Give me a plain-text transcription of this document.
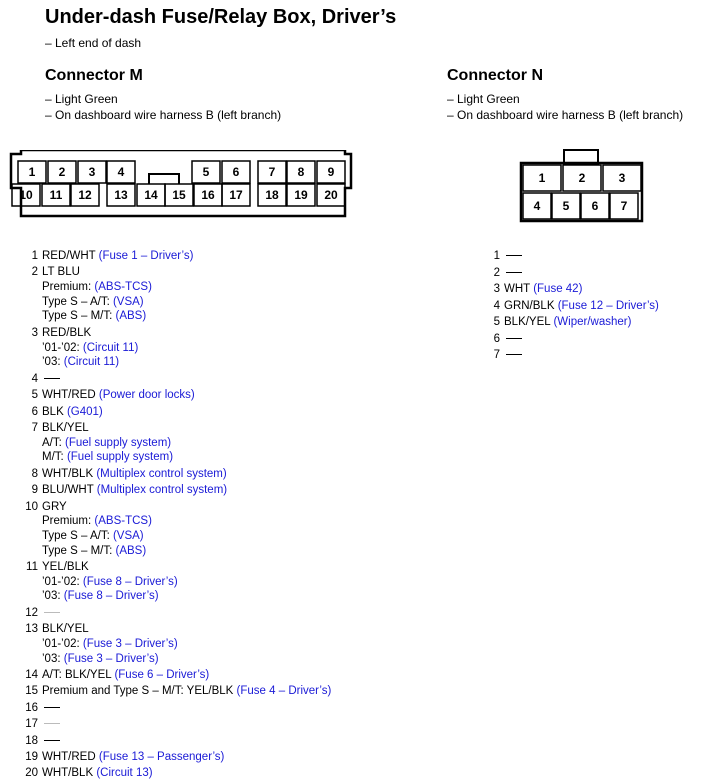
Under-dash Fuse/Relay Box, Driver’s
– Left end of dash
Connector M
– Light Green
– On dashboard wire harness B (left branch)
Connector N
– Light Green
– On dashboard wire harness B (left branch)
1 2 3 4	5 6 7 8 9
10 11 12 13 14 15 16 17 18 19 20
1	2	3
4 5 6 7
1 RED/WHT (Fuse 1 – Driver’s)
2 LT BLU
Premium: (ABS-TCS)
Type S – A/T: (VSA)
Type S – M/T: (ABS)
3 RED/BLK
’01-’02: (Circuit 11)
’03: (Circuit 11)
4
5 WHT/RED (Power door locks)
6 BLK (G401)
7 BLK/YEL
A/T: (Fuel supply system)
M/T: (Fuel supply system)
8 WHT/BLK (Multiplex control system)
9 BLU/WHT (Multiplex control system)
10 GRY
Premium: (ABS-TCS)
Type S – A/T: (VSA)
Type S – M/T: (ABS)
11 YEL/BLK
’01-’02: (Fuse 8 – Driver’s)
’03: (Fuse 8 – Driver’s)
12
13 BLK/YEL
’01-’02: (Fuse 3 – Driver’s)
’03: (Fuse 3 – Driver’s)
14 A/T: BLK/YEL (Fuse 6 – Driver’s)
15 Premium and Type S – M/T: YEL/BLK (Fuse 4 – Driver’s)
16
17
18
19 WHT/RED (Fuse 13 – Passenger’s)
20 WHT/BLK (Circuit 13)
1
2
3 WHT (Fuse 42)
4 GRN/BLK (Fuse 12 – Driver’s)
5 BLK/YEL (Wiper/washer)
6
7
